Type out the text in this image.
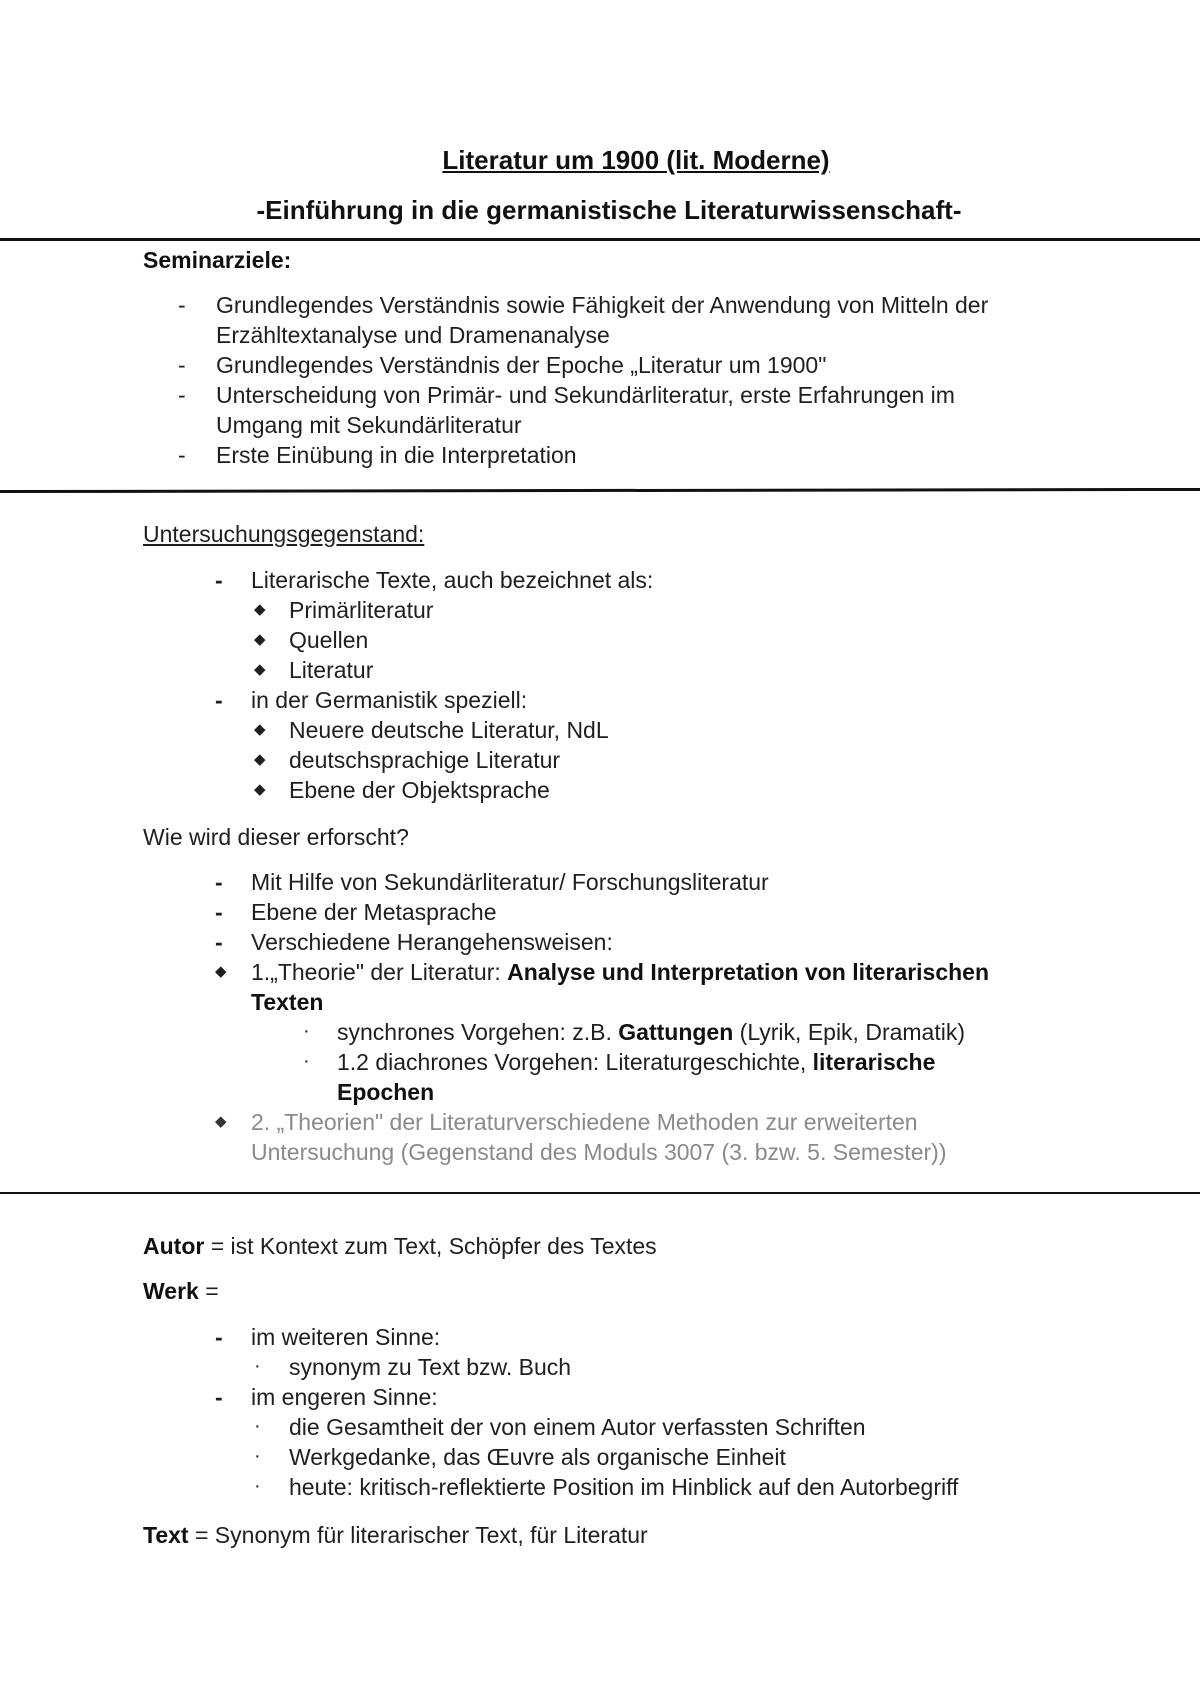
Literatur um 1900 (lit. Moderne)
-Einführung in die germanistische Literaturwissenschaft-
Seminarziele:
- Grundlegendes Verständnis sowie Fähigkeit der Anwendung von Mitteln der
Erzähltextanalyse und Dramenanalyse
- Grundlegendes Verständnis der Epoche „Literatur um 1900"
- Unterscheidung von Primär- und Sekundärliteratur, erste Erfahrungen im
Umgang mit Sekundärliteratur
- Erste Einübung in die Interpretation
Untersuchungsgegenstand:
- Literarische Texte, auch bezeichnet als:
◆ Primärliteratur
◆ Quellen
◆ Literatur
- in der Germanistik speziell:
◆ Neuere deutsche Literatur, NdL
◆ deutschsprachige Literatur
◆ Ebene der Objektsprache
Wie wird dieser erforscht?
- Mit Hilfe von Sekundärliteratur/ Forschungsliteratur
- Ebene der Metasprache
- Verschiedene Herangehensweisen:
◆ 1.„Theorie" der Literatur: Analyse und Interpretation von literarischen
Texten
· synchrones Vorgehen: z.B. Gattungen (Lyrik, Epik, Dramatik)
· 1.2 diachrones Vorgehen: Literaturgeschichte, literarische
Epochen
◆ 2. „Theorien" der Literaturverschiedene Methoden zur erweiterten
Untersuchung (Gegenstand des Moduls 3007 (3. bzw. 5. Semester))
Autor = ist Kontext zum Text, Schöpfer des Textes
Werk =
- im weiteren Sinne:
· synonym zu Text bzw. Buch
- im engeren Sinne:
· die Gesamtheit der von einem Autor verfassten Schriften
· Werkgedanke, das Œuvre als organische Einheit
· heute: kritisch-reflektierte Position im Hinblick auf den Autorbegriff
Text = Synonym für literarischer Text, für Literatur
